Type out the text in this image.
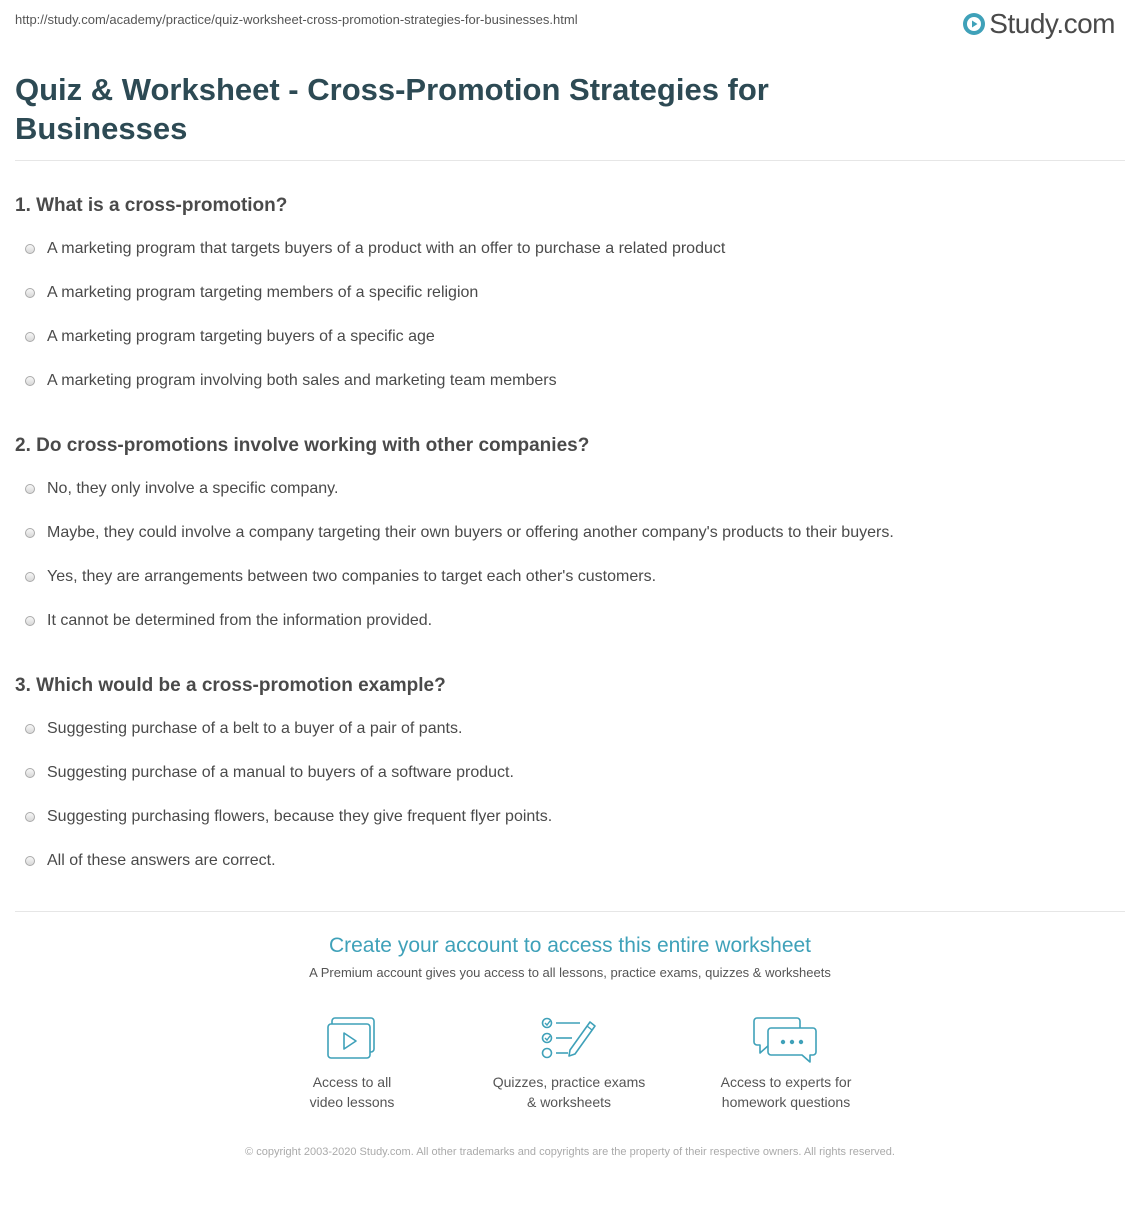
http://study.com/academy/practice/quiz-worksheet-cross-promotion-strategies-for-businesses.html	Study.com
Quiz & Worksheet - Cross-Promotion Strategies for Businesses
1. What is a cross-promotion?
A marketing program that targets buyers of a product with an offer to purchase a related product
A marketing program targeting members of a specific religion
A marketing program targeting buyers of a specific age
A marketing program involving both sales and marketing team members
2. Do cross-promotions involve working with other companies?
No, they only involve a specific company.
Maybe, they could involve a company targeting their own buyers or offering another company's products to their buyers.
Yes, they are arrangements between two companies to target each other's customers.
It cannot be determined from the information provided.
3. Which would be a cross-promotion example?
Suggesting purchase of a belt to a buyer of a pair of pants.
Suggesting purchase of a manual to buyers of a software product.
Suggesting purchasing flowers, because they give frequent flyer points.
All of these answers are correct.
Create your account to access this entire worksheet
A Premium account gives you access to all lessons, practice exams, quizzes & worksheets
Access to all
video lessons
Quizzes, practice exams
& worksheets
Access to experts for
homework questions
© copyright 2003-2020 Study.com. All other trademarks and copyrights are the property of their respective owners. All rights reserved.
